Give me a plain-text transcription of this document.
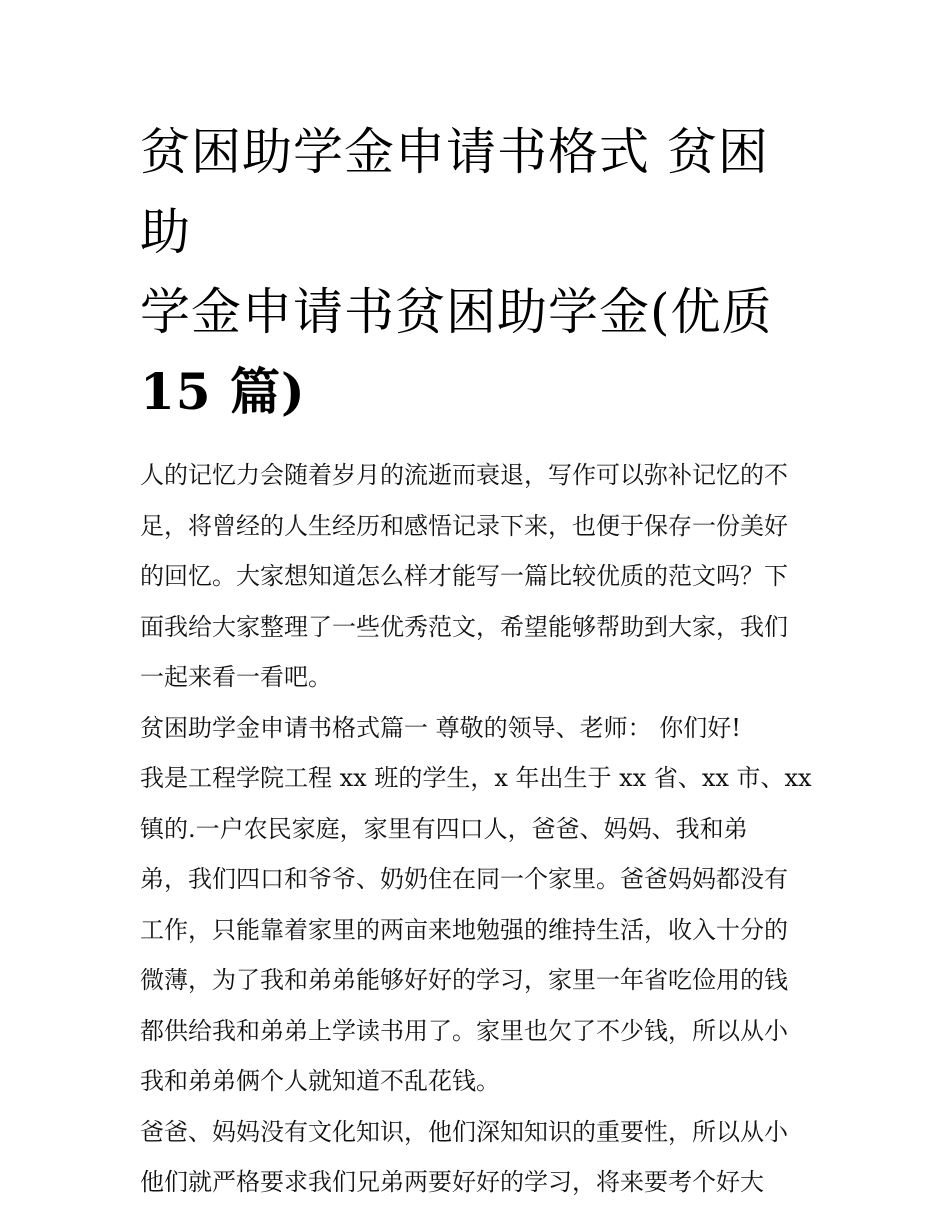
贫困助学金申请书格式 贫困助
学金申请书贫困助学金(优质
15 篇)
人的记忆力会随着岁月的流逝而衰退，写作可以弥补记忆的不
足，将曾经的人生经历和感悟记录下来，也便于保存一份美好
的回忆。大家想知道怎么样才能写一篇比较优质的范文吗？下
面我给大家整理了一些优秀范文，希望能够帮助到大家，我们
一起来看一看吧。
贫困助学金申请书格式篇一 尊敬的领导、老师： 你们好!
我是工程学院工程 xx 班的学生，x 年出生于 xx 省、xx 市、xx
镇的.一户农民家庭，家里有四口人，爸爸、妈妈、我和弟
弟，我们四口和爷爷、奶奶住在同一个家里。爸爸妈妈都没有
工作，只能靠着家里的两亩来地勉强的维持生活，收入十分的
微薄，为了我和弟弟能够好好的学习，家里一年省吃俭用的钱
都供给我和弟弟上学读书用了。家里也欠了不少钱，所以从小
我和弟弟俩个人就知道不乱花钱。
爸爸、妈妈没有文化知识，他们深知知识的重要性，所以从小
他们就严格要求我们兄弟两要好好的学习，将来要考个好大
